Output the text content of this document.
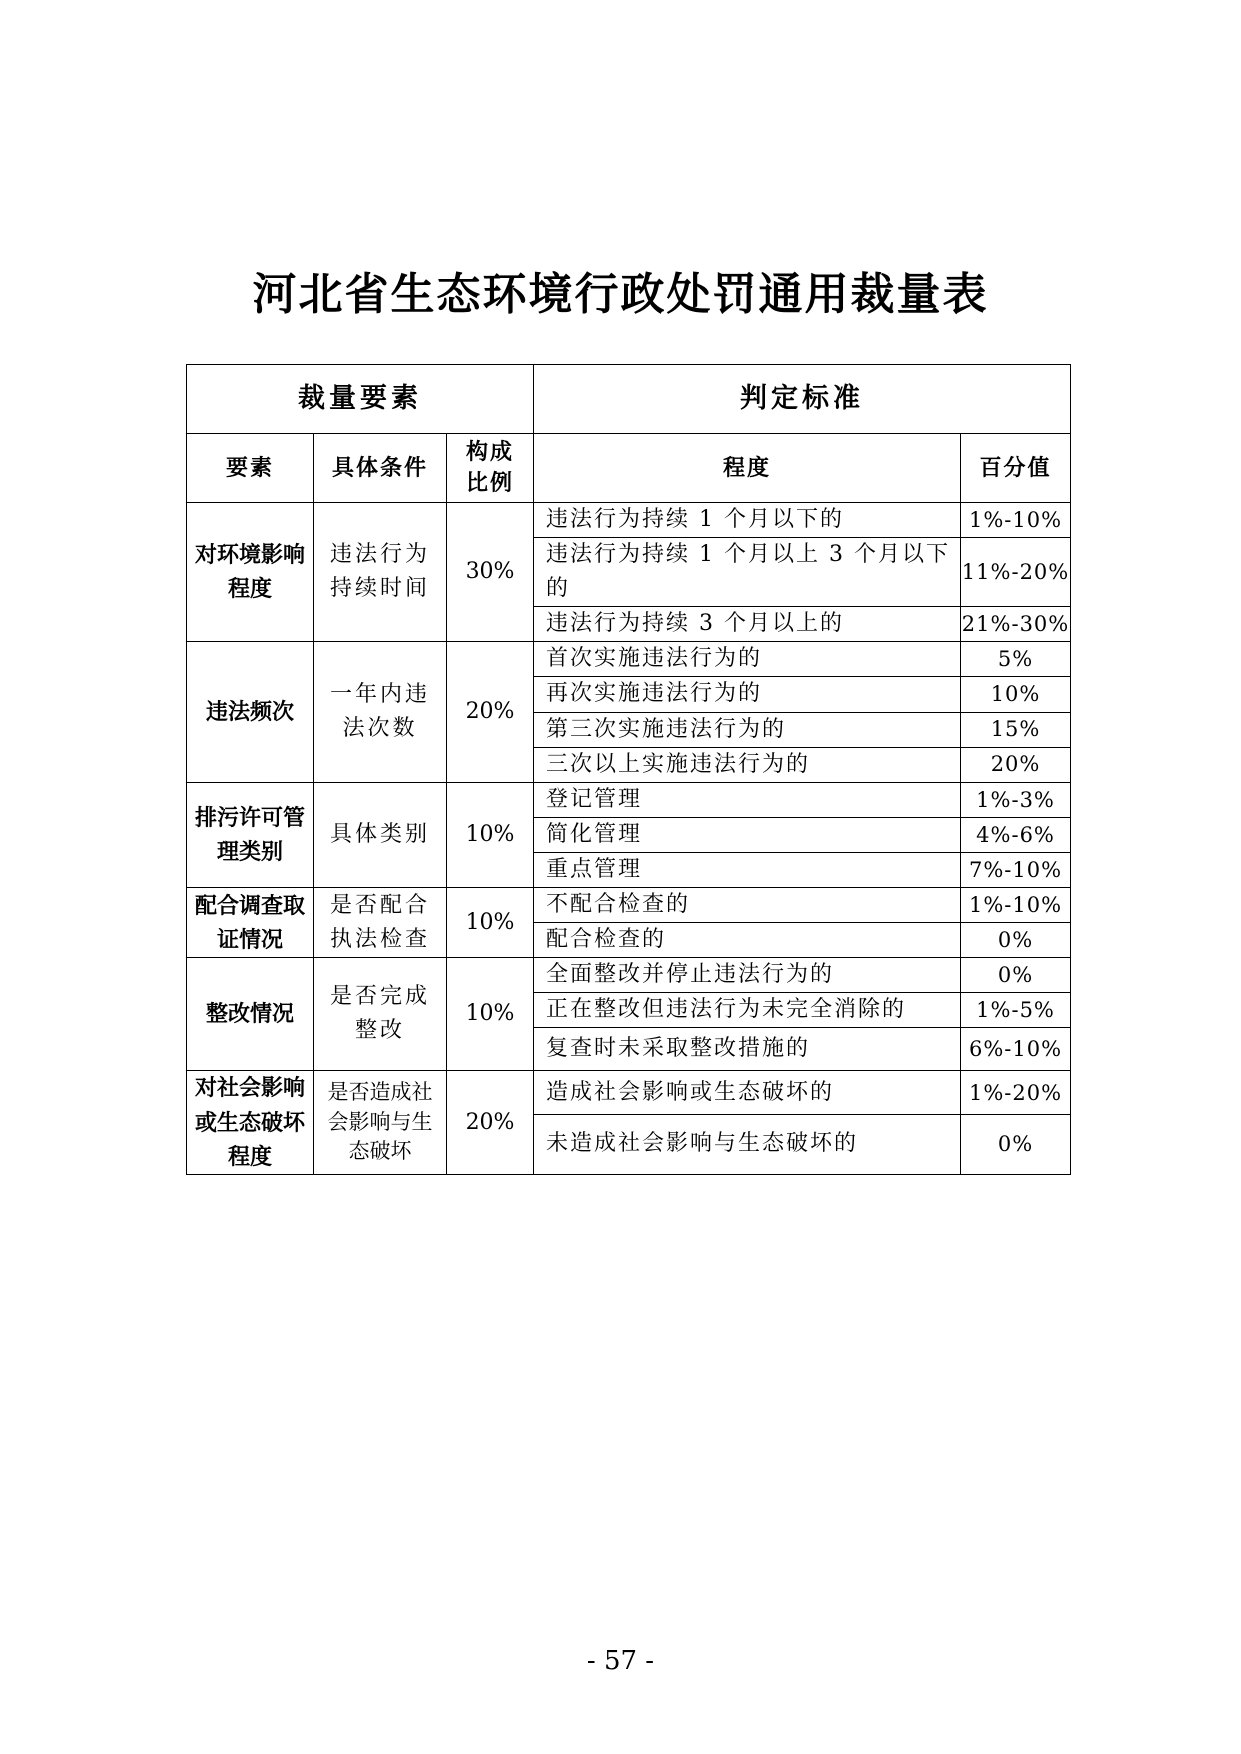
河北省生态环境行政处罚通用裁量表
裁量要素			判定标准	
要素	具体条件	构成比例	程度	百分值
对环境影响程度	违法行为持续时间	30%	违法行为持续 1 个月以下的	1%-10%
			违法行为持续 1 个月以上 3 个月以下的	11%-20%
			违法行为持续 3 个月以上的	21%-30%
违法频次	一年内违法次数	20%	首次实施违法行为的	5%
			再次实施违法行为的	10%
			第三次实施违法行为的	15%
			三次以上实施违法行为的	20%
排污许可管理类别	具体类别	10%	登记管理	1%-3%
			简化管理	4%-6%
			重点管理	7%-10%
配合调查取证情况	是否配合执法检查	10%	不配合检查的	1%-10%
			配合检查的	0%
整改情况	是否完成整改	10%	全面整改并停止违法行为的	0%
			正在整改但违法行为未完全消除的	1%-5%
			复查时未采取整改措施的	6%-10%
对社会影响或生态破坏程度	是否造成社会影响与生态破坏	20%	造成社会影响或生态破坏的	1%-20%
			未造成社会影响与生态破坏的	0%
- 57 -
